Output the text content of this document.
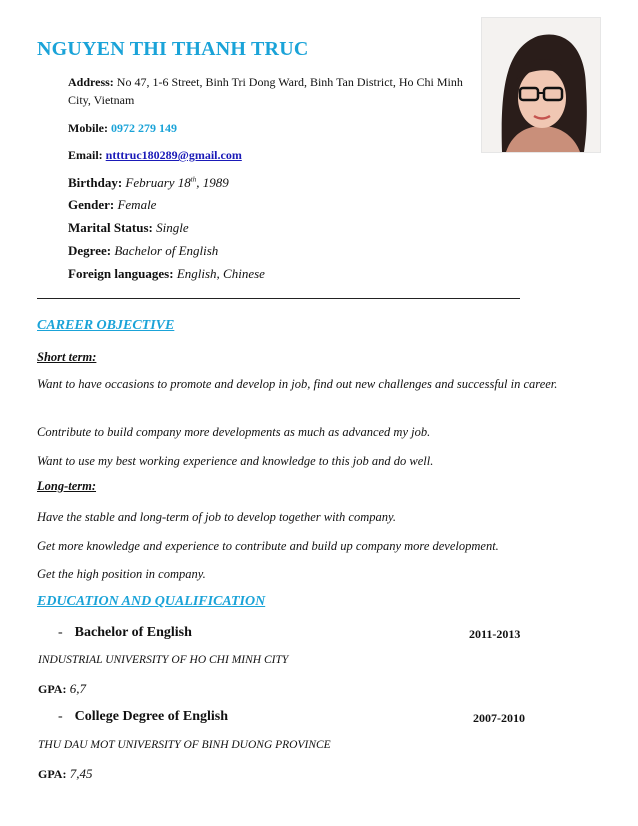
NGUYEN THI THANH TRUC
Address: No 47, 1-6 Street, Binh Tri Dong Ward, Binh Tan District, Ho Chi Minh City, Vietnam
Mobile: 0972 279 149
Email: ntttruc180289@gmail.com
Birthday: February 18th, 1989
Gender: Female
Marital Status: Single
Degree: Bachelor of English
Foreign languages: English, Chinese
CAREER OBJECTIVE
Short term:
Want to have occasions to promote and develop in job, find out new challenges and successful in career.
Contribute to build company more developments as much as advanced my job.
Want to use my best working experience and knowledge to this job and do well.
Long-term:
Have the stable and long-term of job to develop together with company.
Get more knowledge and experience to contribute and build up company more development.
Get the high position in company.
EDUCATION AND QUALIFICATION
- Bachelor of English	2011-2013
INDUSTRIAL UNIVERSITY OF HO CHI MINH CITY
GPA: 6,7
- College Degree of English	2007-2010
THU DAU MOT UNIVERSITY OF BINH DUONG PROVINCE
GPA: 7,45
